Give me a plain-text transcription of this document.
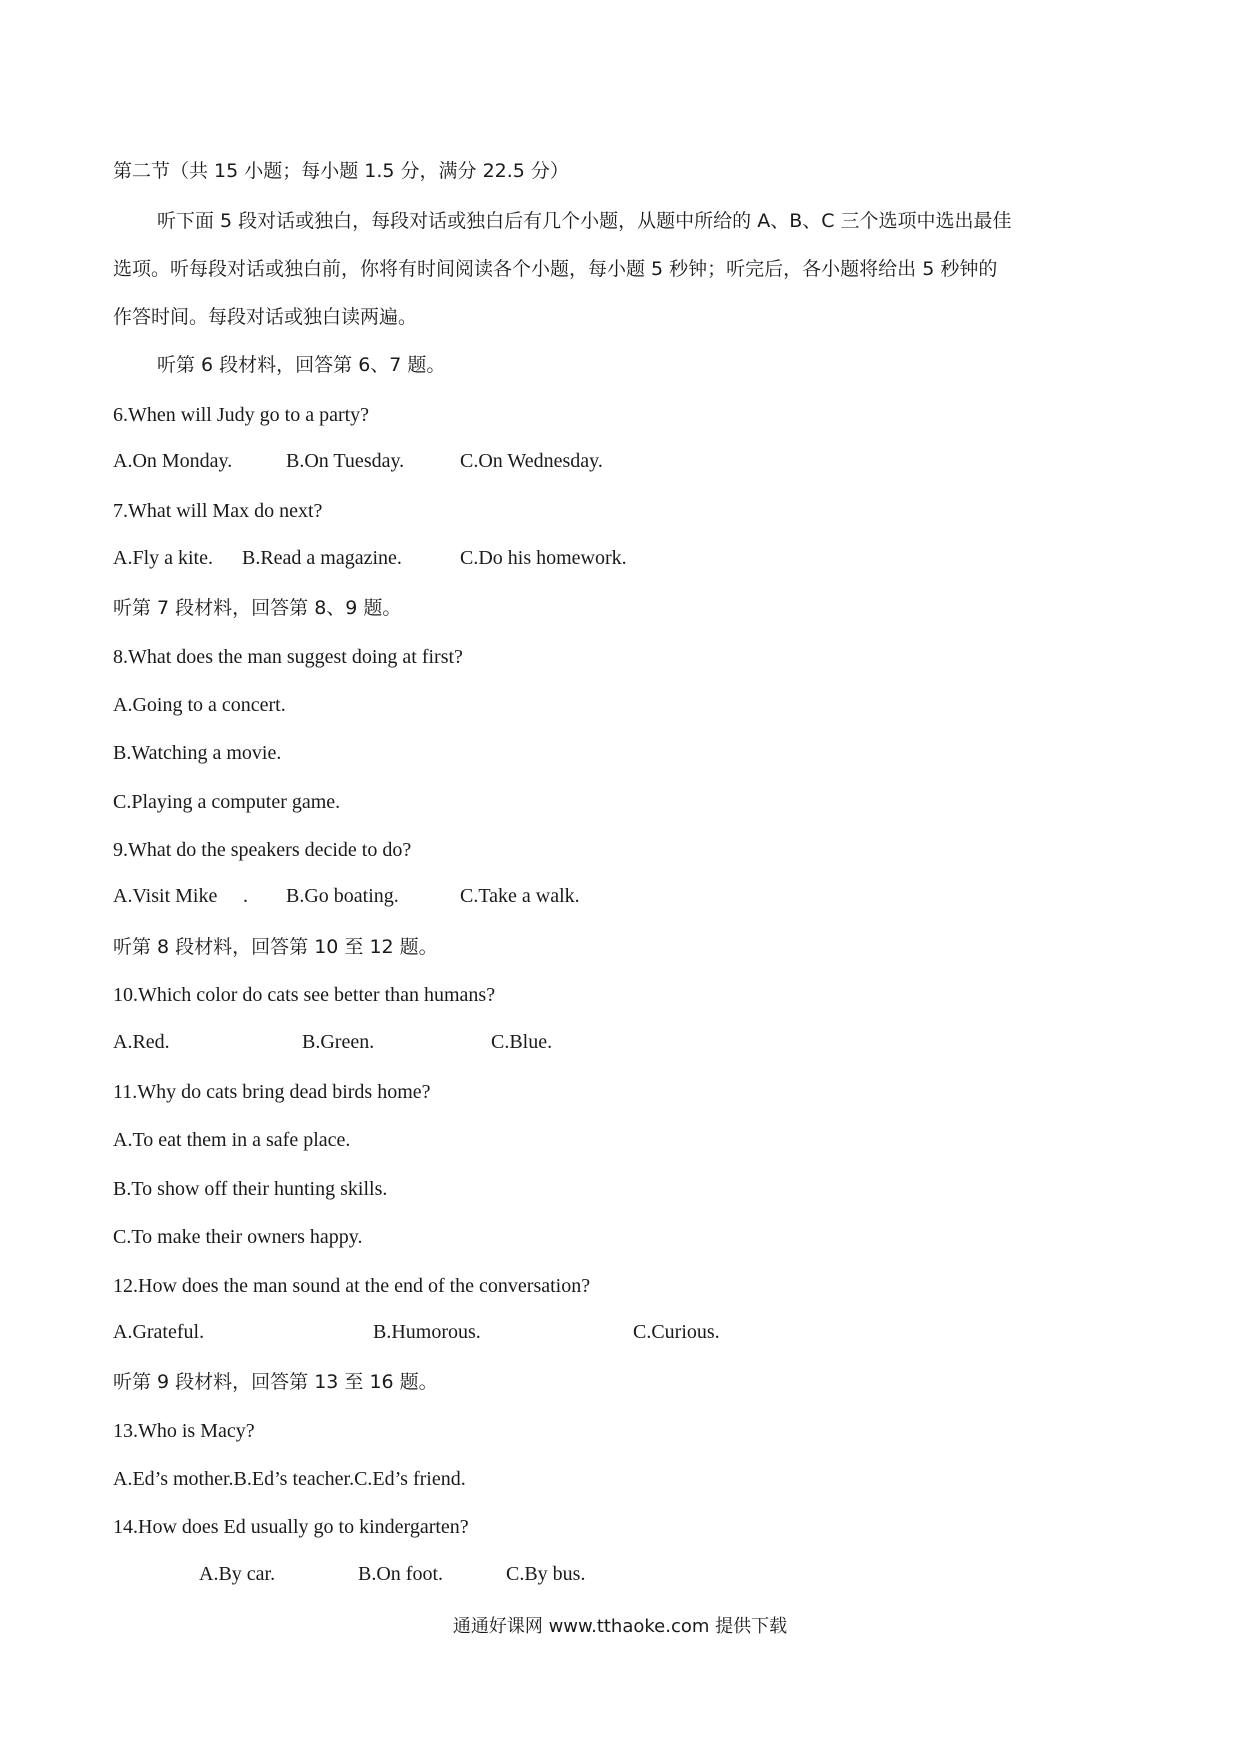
第二节（共 15 小题；每小题 1.5 分，满分 22.5 分）
听下面 5 段对话或独白，每段对话或独白后有几个小题，从题中所给的 A、B、C 三个选项中选出最佳
选项。听每段对话或独白前，你将有时间阅读各个小题，每小题 5 秒钟；听完后，各小题将给出 5 秒钟的
作答时间。每段对话或独白读两遍。
听第 6 段材料，回答第 6、7 题。
6.When will Judy go to a party?
A.On Monday.	B.On Tuesday.	C.On Wednesday.
7.What will Max do next?
A.Fly a kite. B.Read a magazine.	C.Do his homework.
听第 7 段材料，回答第 8、9 题。
8.What does the man suggest doing at first?
A.Going to a concert.
B.Watching a movie.
C.Playing a computer game.
9.What do the speakers decide to do?
A.Visit Mike . B.Go boating.	C.Take a walk.
听第 8 段材料，回答第 10 至 12 题。
10.Which color do cats see better than humans?
A.Red.	B.Green.	C.Blue.
11.Why do cats bring dead birds home?
A.To eat them in a safe place.
B.To show off their hunting skills.
C.To make their owners happy.
12.How does the man sound at the end of the conversation?
A.Grateful.	B.Humorous.	C.Curious.
听第 9 段材料，回答第 13 至 16 题。
13.Who is Macy?
A.Ed’s mother.B.Ed’s teacher.C.Ed’s friend.
14.How does Ed usually go to kindergarten?
A.By car.	B.On foot.	C.By bus.
通通好课网 www.tthaoke.com 提供下载
